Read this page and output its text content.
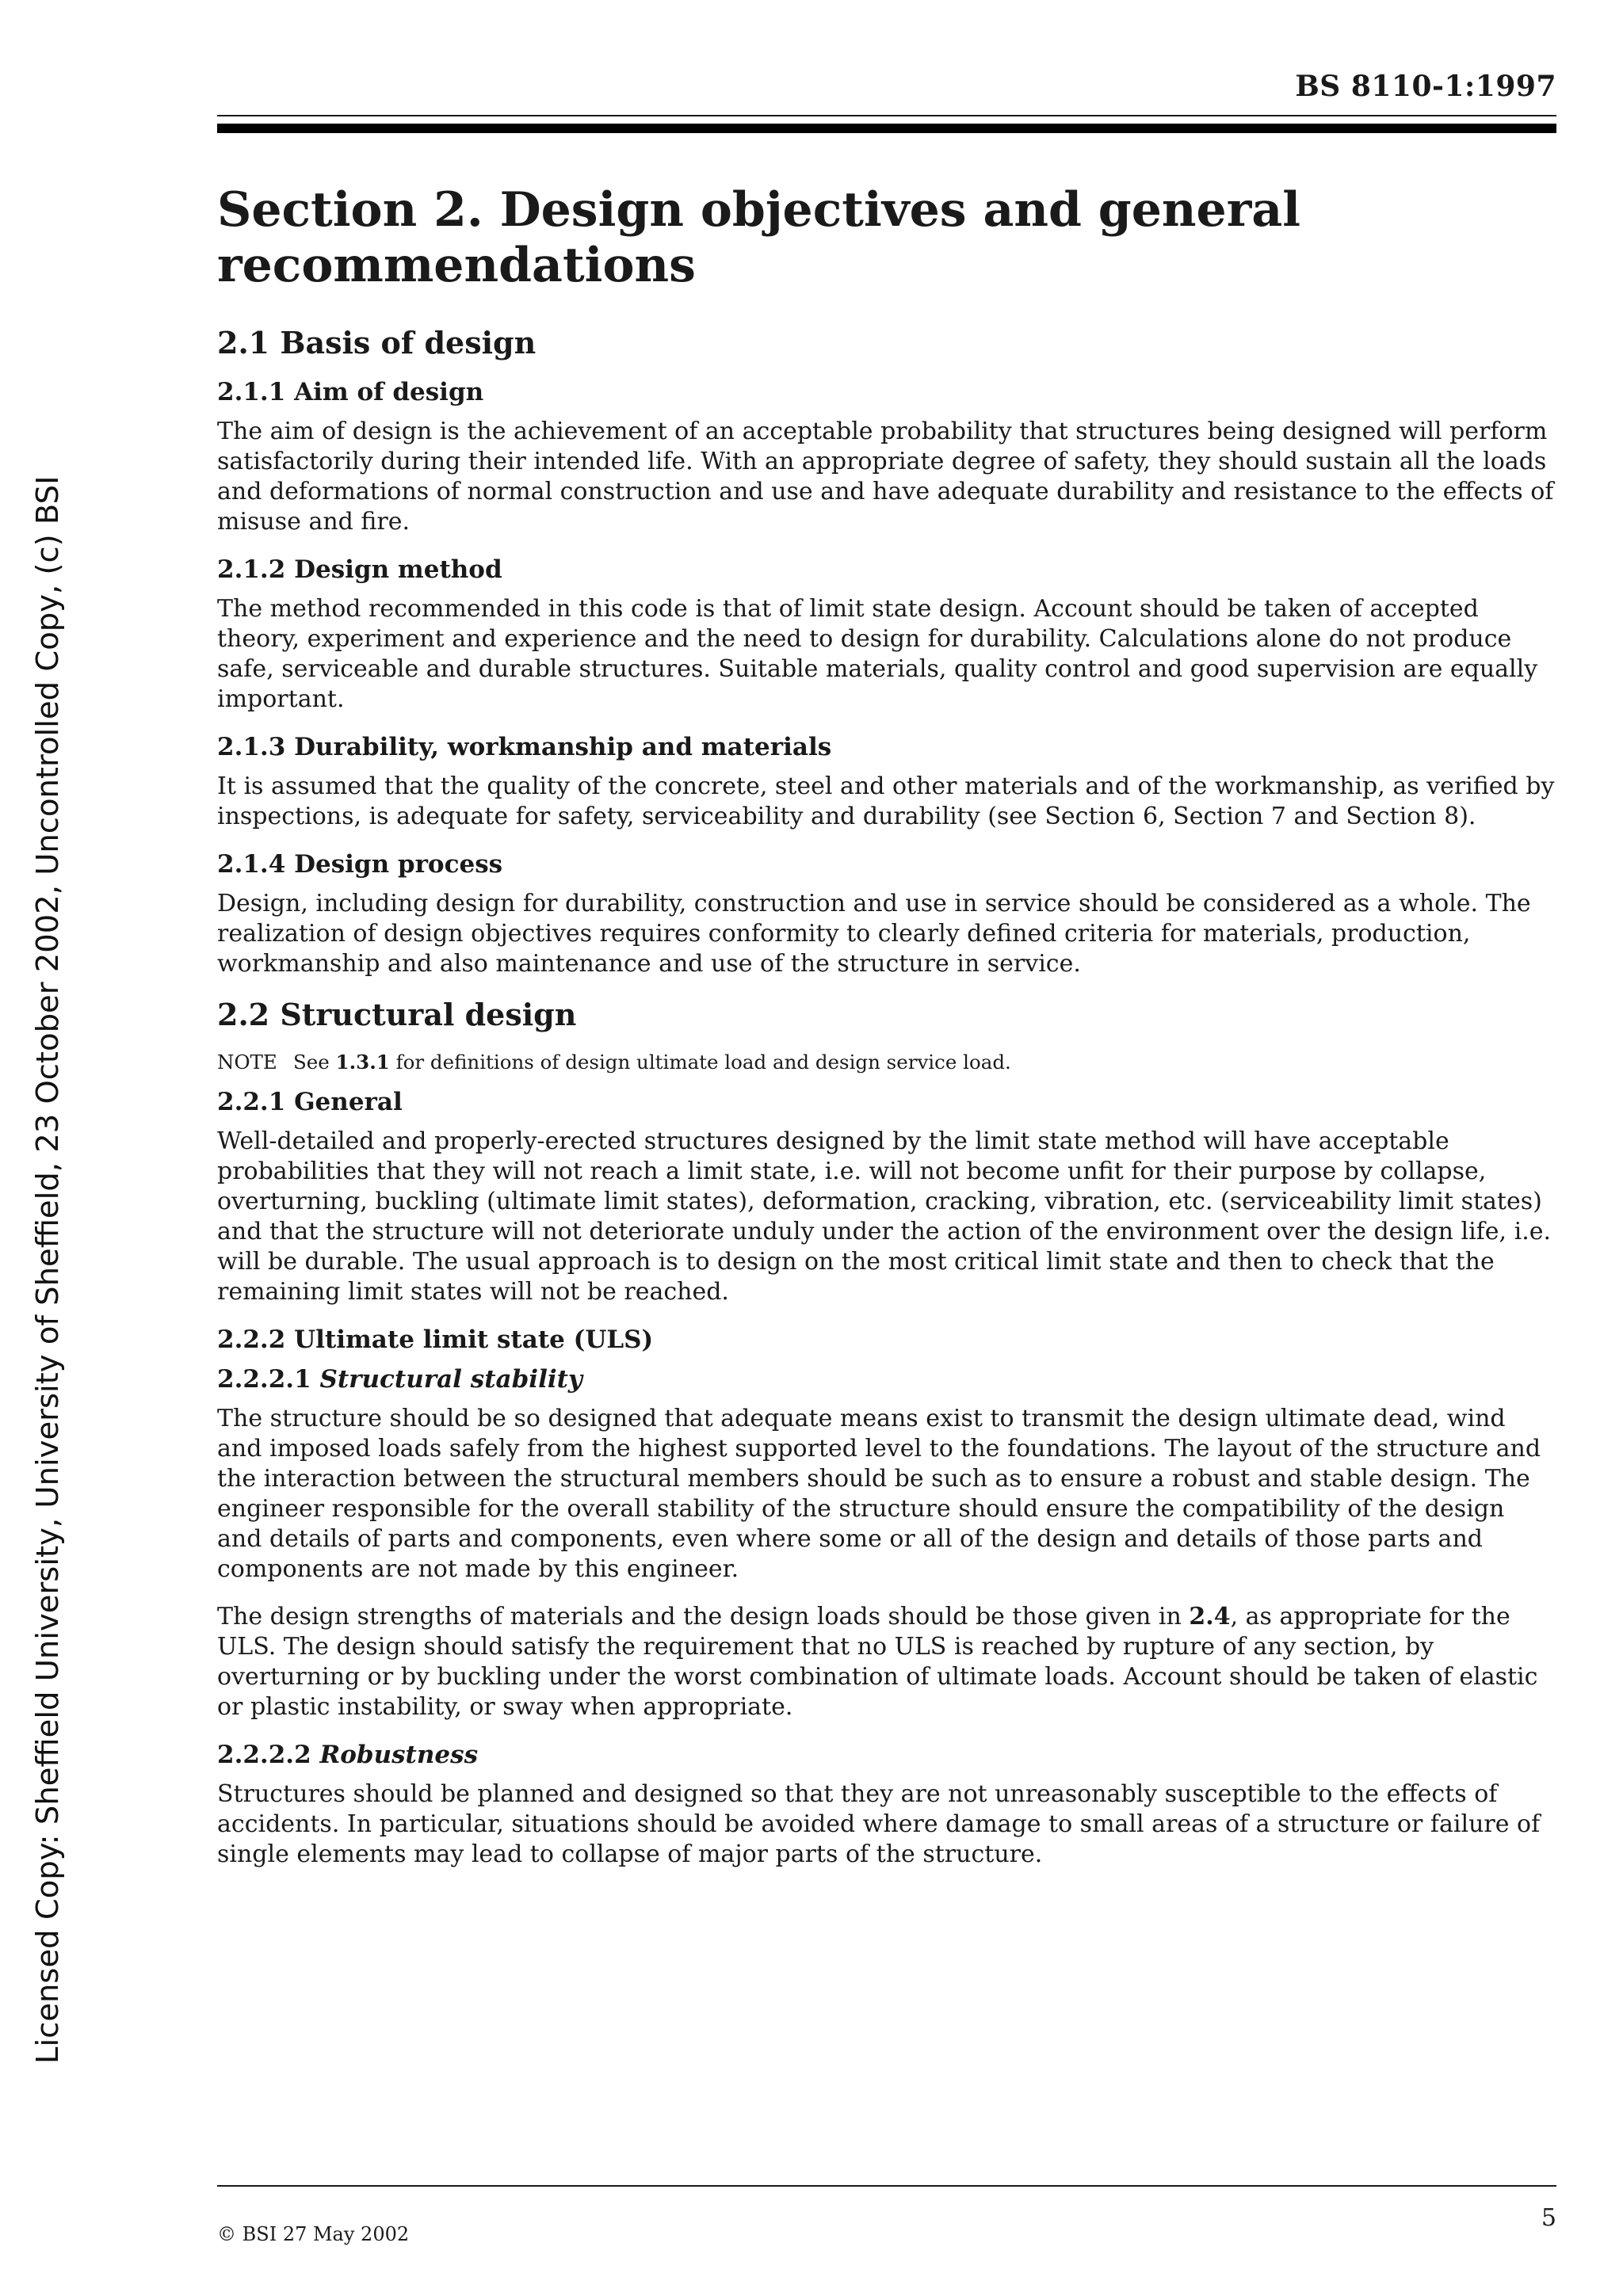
BS 8110-1:1997
Licensed Copy: Sheffield University, University of Sheffield, 23 October 2002, Uncontrolled Copy, (c) BSI
Section 2. Design objectives and general
recommendations
2.1 Basis of design
2.1.1 Aim of design

The aim of design is the achievement of an acceptable probability that structures being designed will perform satisfactorily during their intended life. With an appropriate degree of safety, they should sustain all the loads and deformations of normal construction and use and have adequate durability and resistance to the effects of misuse and fire.

2.1.2 Design method

The method recommended in this code is that of limit state design. Account should be taken of accepted theory, experiment and experience and the need to design for durability. Calculations alone do not produce safe, serviceable and durable structures. Suitable materials, quality control and good supervision are equally important.

2.1.3 Durability, workmanship and materials

It is assumed that the quality of the concrete, steel and other materials and of the workmanship, as verified by inspections, is adequate for safety, serviceability and durability (see Section 6, Section 7 and Section 8).

2.1.4 Design process

Design, including design for durability, construction and use in service should be considered as a whole. The realization of design objectives requires conformity to clearly defined criteria for materials, production, workmanship and also maintenance and use of the structure in service.

2.2 Structural design

NOTE See 1.3.1 for definitions of design ultimate load and design service load.

2.2.1 General

Well-detailed and properly-erected structures designed by the limit state method will have acceptable probabilities that they will not reach a limit state, i.e. will not become unfit for their purpose by collapse, overturning, buckling (ultimate limit states), deformation, cracking, vibration, etc. (serviceability limit states) and that the structure will not deteriorate unduly under the action of the environment over the design life, i.e. will be durable. The usual approach is to design on the most critical limit state and then to check that the remaining limit states will not be reached.

2.2.2 Ultimate limit state (ULS)
2.2.2.1 Structural stability

The structure should be so designed that adequate means exist to transmit the design ultimate dead, wind and imposed loads safely from the highest supported level to the foundations. The layout of the structure and the interaction between the structural members should be such as to ensure a robust and stable design. The engineer responsible for the overall stability of the structure should ensure the compatibility of the design and details of parts and components, even where some or all of the design and details of those parts and components are not made by this engineer.

The design strengths of materials and the design loads should be those given in 2.4, as appropriate for the ULS. The design should satisfy the requirement that no ULS is reached by rupture of any section, by overturning or by buckling under the worst combination of ultimate loads. Account should be taken of elastic or plastic instability, or sway when appropriate.

2.2.2.2 Robustness

Structures should be planned and designed so that they are not unreasonably susceptible to the effects of accidents. In particular, situations should be avoided where damage to small areas of a structure or failure of single elements may lead to collapse of major parts of the structure.

© BSI 27 May 2002
5
